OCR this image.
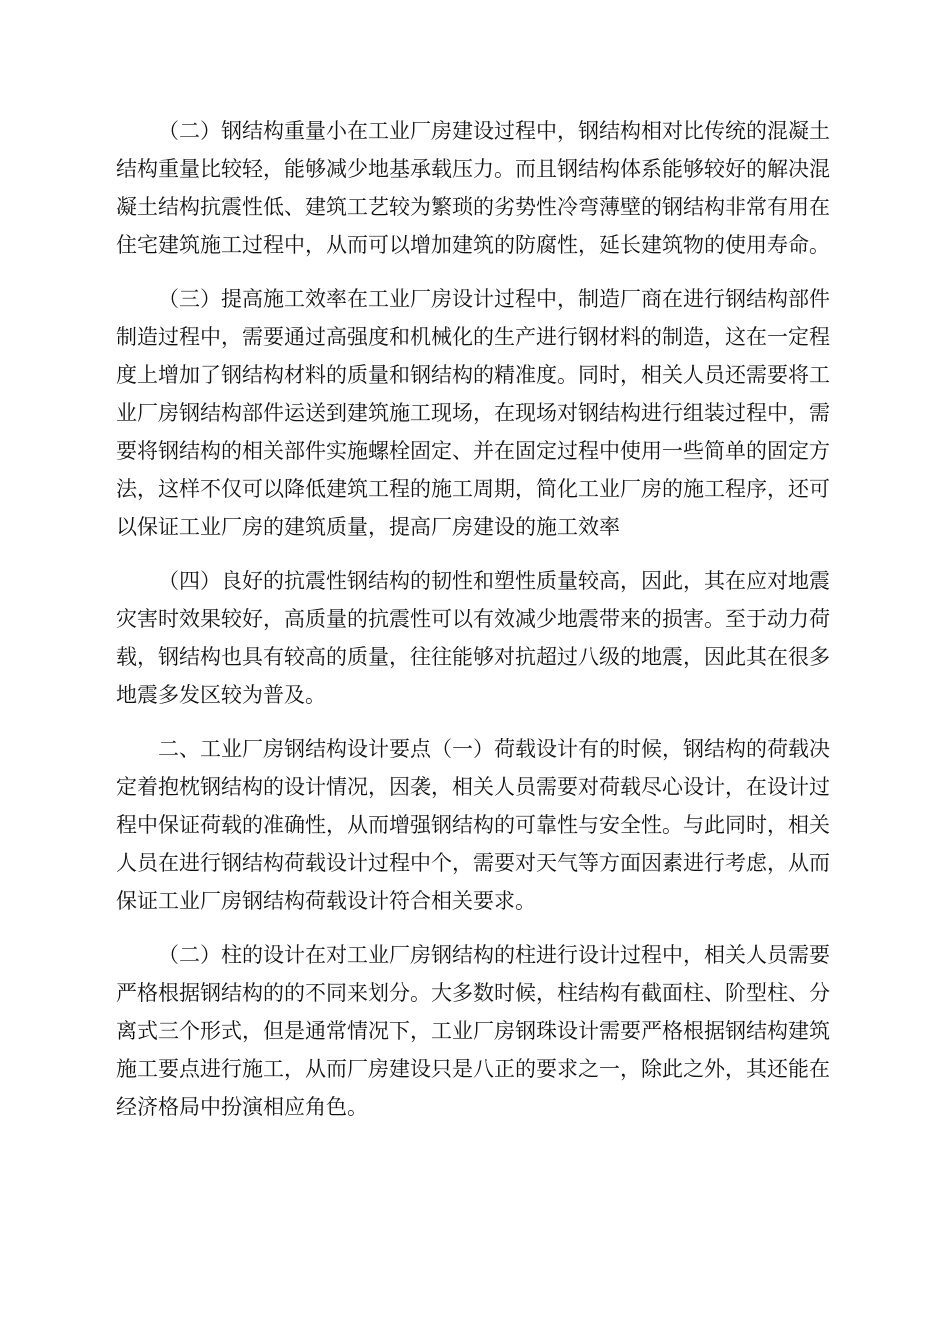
（二）钢结构重量小在工业厂房建设过程中，钢结构相对比传统的混凝土结构重量比较轻，能够减少地基承载压力。而且钢结构体系能够较好的解决混凝土结构抗震性低、建筑工艺较为繁琐的劣势性冷弯薄壁的钢结构非常有用在住宅建筑施工过程中，从而可以增加建筑的防腐性，延长建筑物的使用寿命。

（三）提高施工效率在工业厂房设计过程中，制造厂商在进行钢结构部件制造过程中，需要通过高强度和机械化的生产进行钢材料的制造，这在一定程度上增加了钢结构材料的质量和钢结构的精准度。同时，相关人员还需要将工业厂房钢结构部件运送到建筑施工现场，在现场对钢结构进行组装过程中，需要将钢结构的相关部件实施螺栓固定、并在固定过程中使用一些简单的固定方法，这样不仅可以降低建筑工程的施工周期，简化工业厂房的施工程序，还可以保证工业厂房的建筑质量，提高厂房建设的施工效率

（四）良好的抗震性钢结构的韧性和塑性质量较高，因此，其在应对地震灾害时效果较好，高质量的抗震性可以有效减少地震带来的损害。至于动力荷载，钢结构也具有较高的质量，往往能够对抗超过八级的地震，因此其在很多地震多发区较为普及。

二、工业厂房钢结构设计要点（一）荷载设计有的时候，钢结构的荷载决定着抱枕钢结构的设计情况，因袭，相关人员需要对荷载尽心设计，在设计过程中保证荷载的准确性，从而增强钢结构的可靠性与安全性。与此同时，相关人员在进行钢结构荷载设计过程中个，需要对天气等方面因素进行考虑，从而保证工业厂房钢结构荷载设计符合相关要求。

（二）柱的设计在对工业厂房钢结构的柱进行设计过程中，相关人员需要严格根据钢结构的的不同来划分。大多数时候，柱结构有截面柱、阶型柱、分离式三个形式，但是通常情况下，工业厂房钢珠设计需要严格根据钢结构建筑施工要点进行施工，从而厂房建设只是八正的要求之一，除此之外，其还能在经济格局中扮演相应角色。
